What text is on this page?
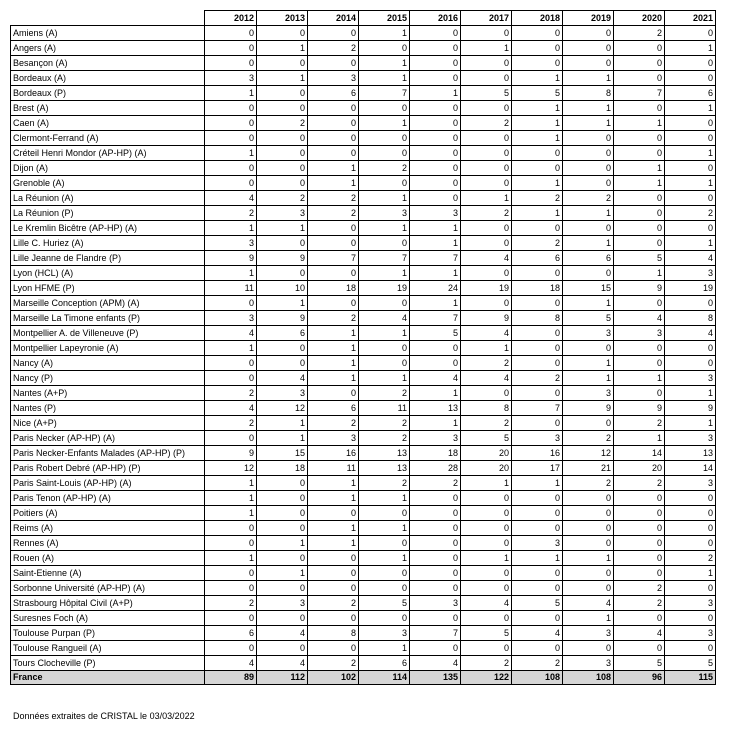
	2012	2013	2014	2015	2016	2017	2018	2019	2020	2021
Amiens (A)	0	0	0	1	0	0	0	0	2	0
Angers (A)	0	1	2	0	0	1	0	0	0	1
Besançon (A)	0	0	0	1	0	0	0	0	0	0
Bordeaux (A)	3	1	3	1	0	0	1	1	0	0
Bordeaux (P)	1	0	6	7	1	5	5	8	7	6
Brest (A)	0	0	0	0	0	0	1	1	0	1
Caen (A)	0	2	0	1	0	2	1	1	1	0
Clermont-Ferrand (A)	0	0	0	0	0	0	1	0	0	0
Créteil Henri Mondor (AP-HP) (A)	1	0	0	0	0	0	0	0	0	1
Dijon (A)	0	0	1	2	0	0	0	0	1	0
Grenoble (A)	0	0	1	0	0	0	1	0	1	1
La Réunion (A)	4	2	2	1	0	1	2	2	0	0
La Réunion (P)	2	3	2	3	3	2	1	1	0	2
Le Kremlin Bicêtre (AP-HP) (A)	1	1	0	1	1	0	0	0	0	0
Lille C. Huriez (A)	3	0	0	0	1	0	2	1	0	1
Lille Jeanne de Flandre (P)	9	9	7	7	7	4	6	6	5	4
Lyon (HCL) (A)	1	0	0	1	1	0	0	0	1	3
Lyon HFME (P)	11	10	18	19	24	19	18	15	9	19
Marseille Conception (APM) (A)	0	1	0	0	1	0	0	1	0	0
Marseille La Timone enfants (P)	3	9	2	4	7	9	8	5	4	8
Montpellier A. de Villeneuve (P)	4	6	1	1	5	4	0	3	3	4
Montpellier Lapeyronie (A)	1	0	1	0	0	1	0	0	0	0
Nancy (A)	0	0	1	0	0	2	0	1	0	0
Nancy (P)	0	4	1	1	4	4	2	1	1	3
Nantes (A+P)	2	3	0	2	1	0	0	3	0	1
Nantes (P)	4	12	6	11	13	8	7	9	9	9
Nice (A+P)	2	1	2	2	1	2	0	0	2	1
Paris Necker (AP-HP) (A)	0	1	3	2	3	5	3	2	1	3
Paris Necker-Enfants Malades (AP-HP) (P)	9	15	16	13	18	20	16	12	14	13
Paris Robert Debré (AP-HP) (P)	12	18	11	13	28	20	17	21	20	14
Paris Saint-Louis (AP-HP) (A)	1	0	1	2	2	1	1	2	2	3
Paris Tenon (AP-HP) (A)	1	0	1	1	0	0	0	0	0	0
Poitiers (A)	1	0	0	0	0	0	0	0	0	0
Reims (A)	0	0	1	1	0	0	0	0	0	0
Rennes (A)	0	1	1	0	0	0	3	0	0	0
Rouen (A)	1	0	0	1	0	1	1	1	0	2
Saint-Etienne (A)	0	1	0	0	0	0	0	0	0	1
Sorbonne Université (AP-HP) (A)	0	0	0	0	0	0	0	0	2	0
Strasbourg Hôpital Civil (A+P)	2	3	2	5	3	4	5	4	2	3
Suresnes Foch (A)	0	0	0	0	0	0	0	1	0	0
Toulouse Purpan (P)	6	4	8	3	7	5	4	3	4	3
Toulouse Rangueil (A)	0	0	0	1	0	0	0	0	0	0
Tours Clocheville (P)	4	4	2	6	4	2	2	3	5	5
France	89	112	102	114	135	122	108	108	96	115
Données extraites de CRISTAL le 03/03/2022
